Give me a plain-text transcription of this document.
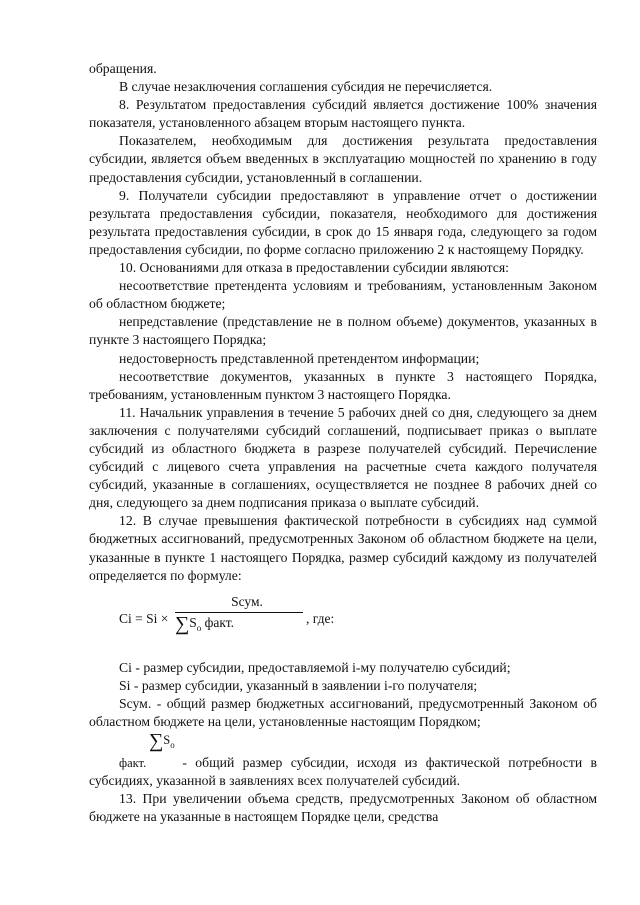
обращения.

В случае незаключения соглашения субсидия не перечисляется.

8. Результатом предоставления субсидий является достижение 100% значения показателя, установленного абзацем вторым настоящего пункта.

Показателем, необходимым для достижения результата предоставления субсидии, является объем введенных в эксплуатацию мощностей по хранению в году предоставления субсидии, установленный в соглашении.

9. Получатели субсидии предоставляют в управление отчет о достижении результата предоставления субсидии, показателя, необходимого для достижения результата предоставления субсидии, в срок до 15 января года, следующего за годом предоставления субсидии, по форме согласно приложению 2 к настоящему Порядку.

10. Основаниями для отказа в предоставлении субсидии являются:

несоответствие претендента условиям и требованиям, установленным Законом об областном бюджете;

непредставление (представление не в полном объеме) документов, указанных в пункте 3 настоящего Порядка;

недостоверность представленной претендентом информации;

несоответствие документов, указанных в пункте 3 настоящего Порядка, требованиям, установленным пунктом 3 настоящего Порядка.

11. Начальник управления в течение 5 рабочих дней со дня, следующего за днем заключения с получателями субсидий соглашений, подписывает приказ о выплате субсидий из областного бюджета в разрезе получателей субсидий. Перечисление субсидий с лицевого счета управления на расчетные счета каждого получателя субсидий, указанные в соглашениях, осуществляется не позднее 8 рабочих дней со дня, следующего за днем подписания приказа о выплате субсидий.

12. В случае превышения фактической потребности в субсидиях над суммой бюджетных ассигнований, предусмотренных Законом об областном бюджете на цели, указанные в пункте 1 настоящего Порядка, размер субсидий каждому из получателей определяется по формуле:

Ci = Si ×
Sсум.
$\sum S_o$ факт.	, где:

Ci - размер субсидии, предоставляемой i-му получателю субсидий;

Si - размер субсидии, указанный в заявлении i-го получателя;

Sсум. - общий размер бюджетных ассигнований, предусмотренный Законом об областном бюджете на цели, установленные настоящим Порядком;

$\sum S_o$ факт.	- общий размер субсидии, исходя из фактической потребности в субсидиях, указанной в заявлениях всех получателей субсидий.

13. При увеличении объема средств, предусмотренных Законом об областном бюджете на указанные в настоящем Порядке цели, средства
